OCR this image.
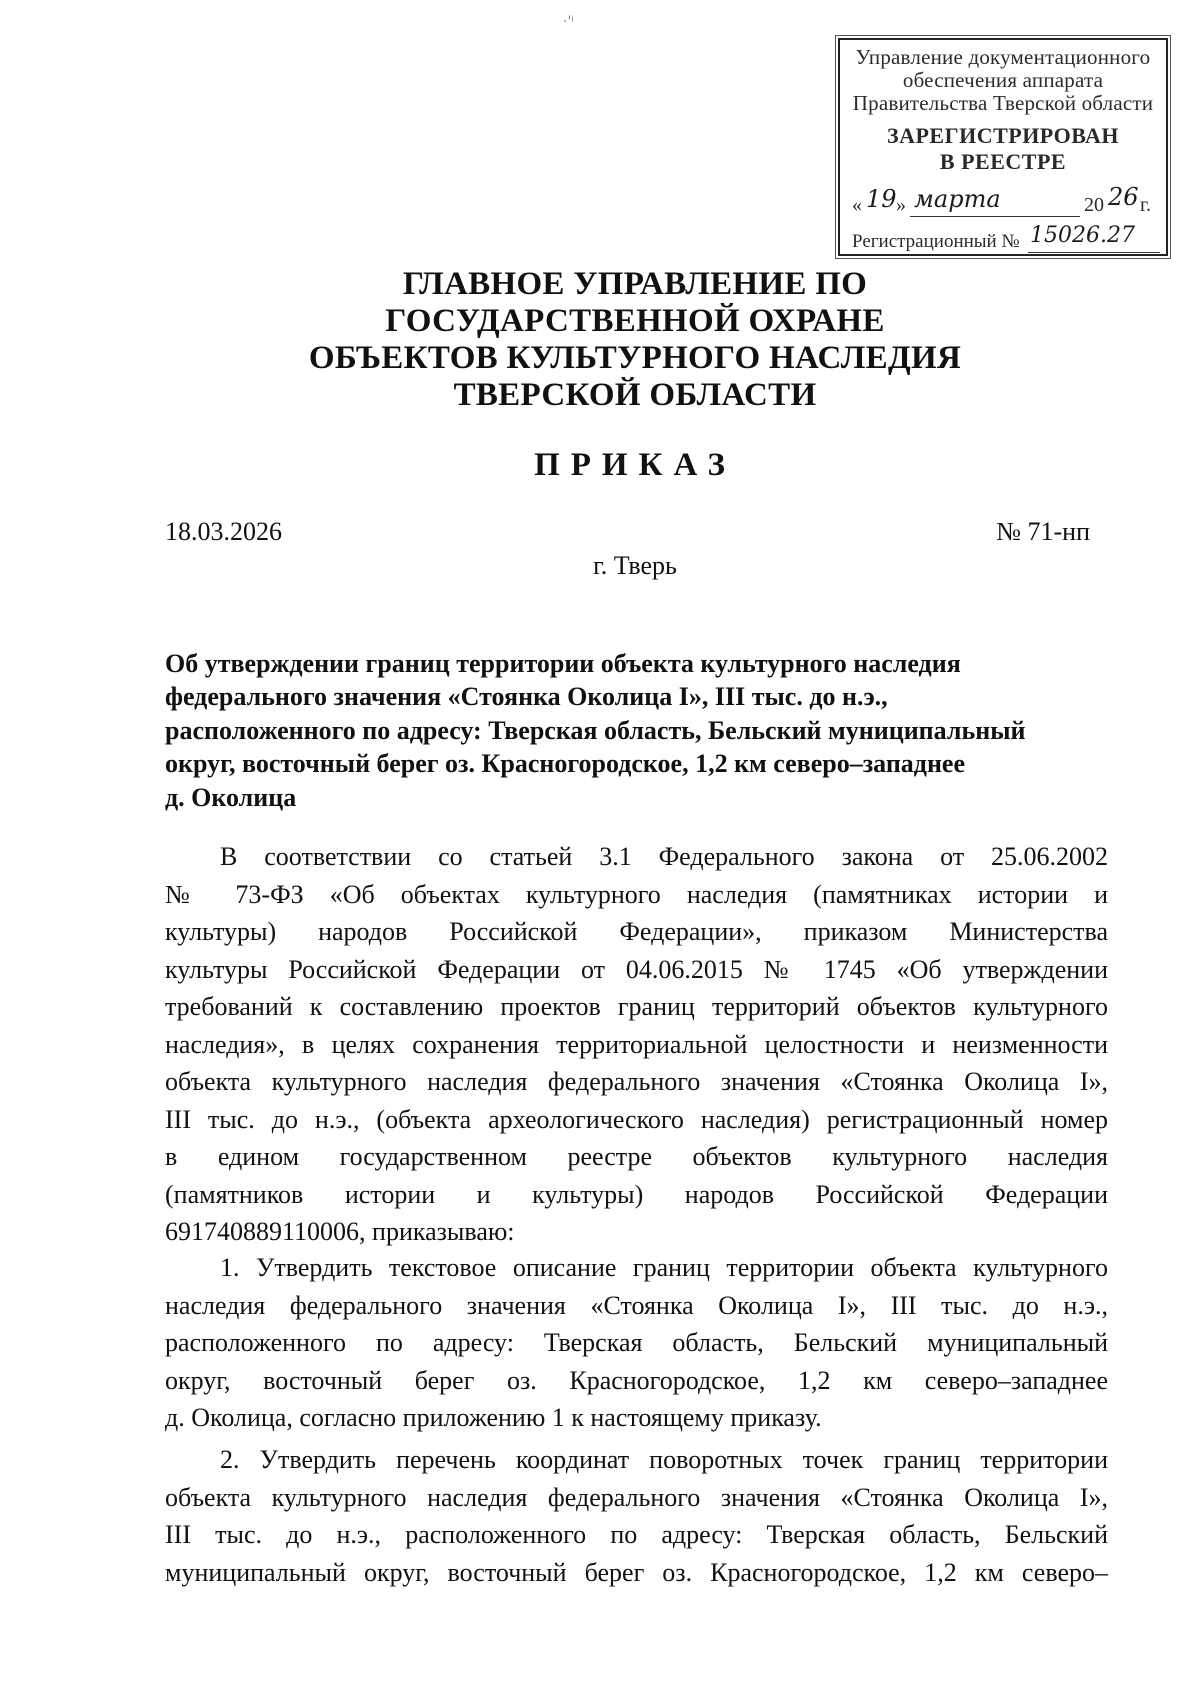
·'ⁱ
Управление документационного
обеспечения аппарата
Правительства Тверской области
ЗАРЕГИСТРИРОВАН
В РЕЕСТРЕ
« 19 » марта	20 26 г.
Регистрационный № 15026.27
ГЛАВНОЕ УПРАВЛЕНИЕ ПО
ГОСУДАРСТВЕННОЙ ОХРАНЕ
ОБЪЕКТОВ КУЛЬТУРНОГО НАСЛЕДИЯ
ТВЕРСКОЙ ОБЛАСТИ
ПРИКАЗ
18.03.2026	№ 71-нп
г. Тверь
Об утверждении границ территории объекта культурного наследия
федерального значения «Стоянка Околица I», III тыс. до н.э.,
расположенного по адресу: Тверская область, Бельский муниципальный
округ, восточный берег оз. Красногородское, 1,2 км северо–западнее
д. Околица
В соответствии со статьей 3.1 Федерального закона от 25.06.2002
№ 73-ФЗ «Об объектах культурного наследия (памятниках истории и
культуры) народов Российской Федерации», приказом Министерства
культуры Российской Федерации от 04.06.2015 № 1745 «Об утверждении
требований к составлению проектов границ территорий объектов культурного
наследия», в целях сохранения территориальной целостности и неизменности
объекта культурного наследия федерального значения «Стоянка Околица I»,
III тыс. до н.э., (объекта археологического наследия) регистрационный номер
в едином государственном реестре объектов культурного наследия
(памятников истории и культуры) народов Российской Федерации
691740889110006, приказываю:
1. Утвердить текстовое описание границ территории объекта культурного
наследия федерального значения «Стоянка Околица I», III тыс. до н.э.,
расположенного по адресу: Тверская область, Бельский муниципальный
округ, восточный берег оз. Красногородское, 1,2 км северо–западнее
д. Околица, согласно приложению 1 к настоящему приказу.
2. Утвердить перечень координат поворотных точек границ территории
объекта культурного наследия федерального значения «Стоянка Околица I»,
III тыс. до н.э., расположенного по адресу: Тверская область, Бельский
муниципальный округ, восточный берег оз. Красногородское, 1,2 км северо–
